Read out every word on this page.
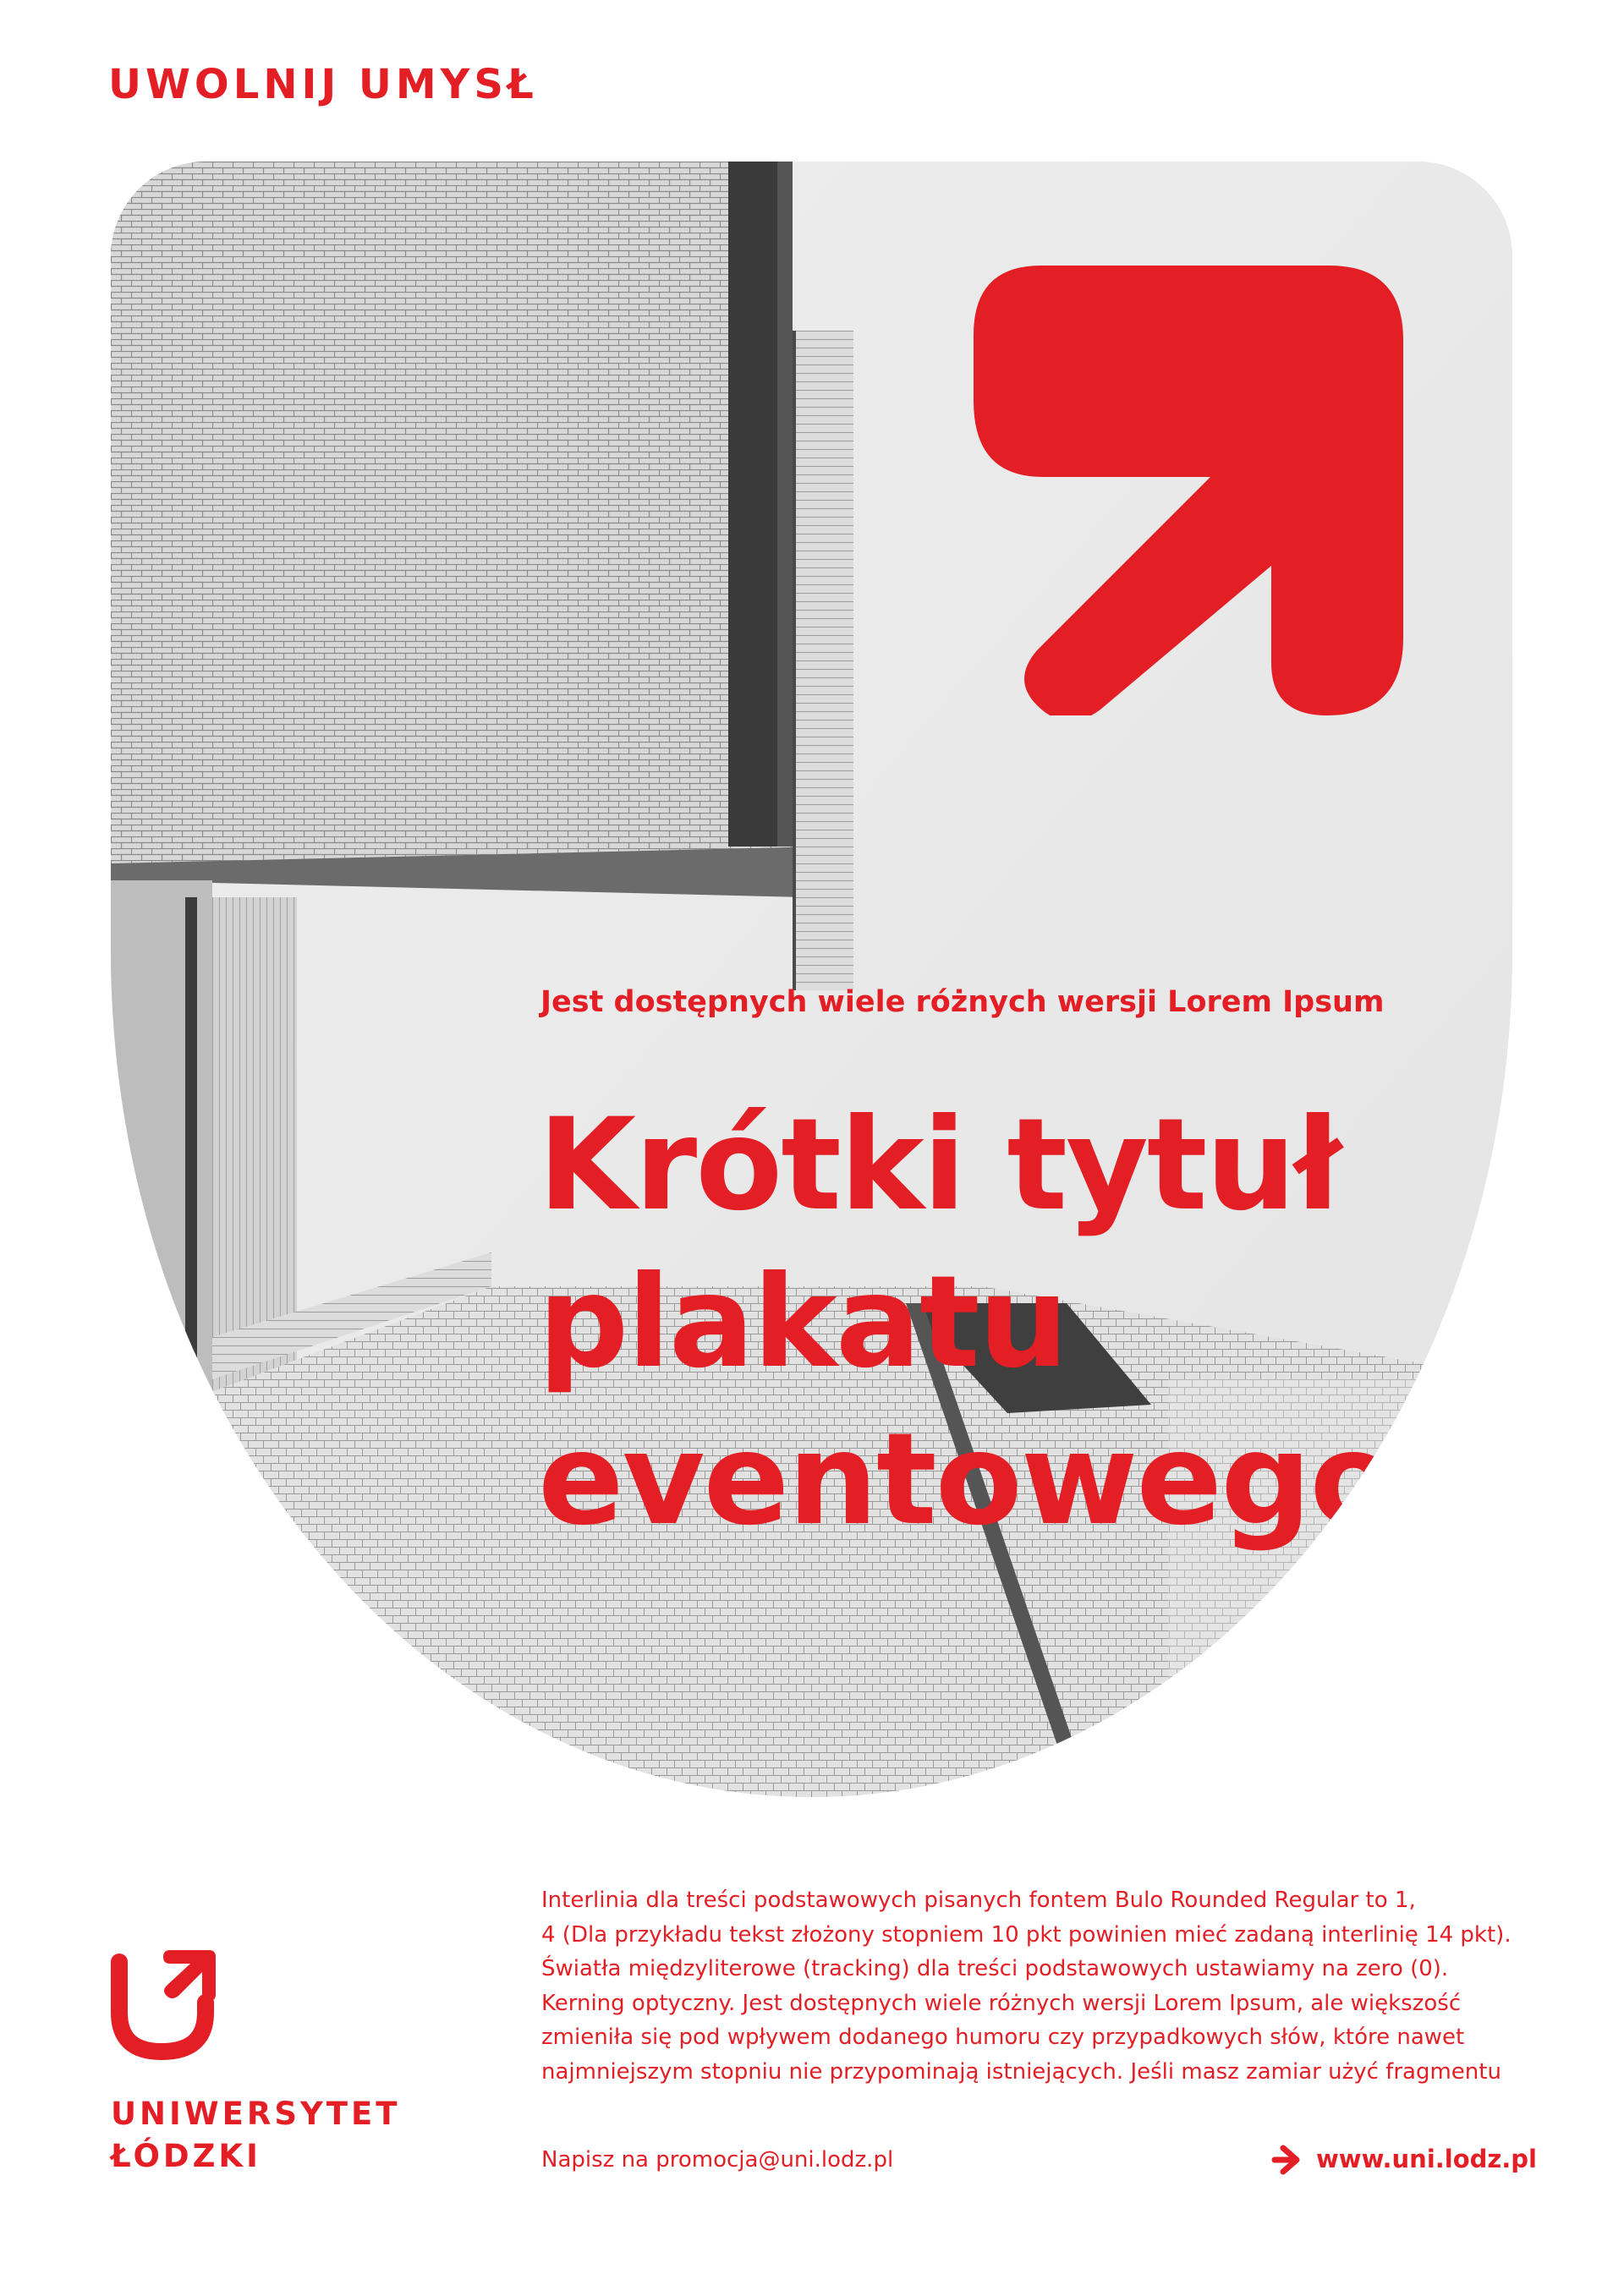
UWOLNIJ UMYSŁ
Jest dostępnych wiele różnych wersji Lorem Ipsum
Krótki tytuł
plakatu
eventowego
Interlinia dla treści podstawowych pisanych fontem Bulo Rounded Regular to 1,
4 (Dla przykładu tekst złożony stopniem 10 pkt powinien mieć zadaną interlinię 14 pkt).
Światła międzyliterowe (tracking) dla treści podstawowych ustawiamy na zero (0).
Kerning optyczny. Jest dostępnych wiele różnych wersji Lorem Ipsum, ale większość
zmieniła się pod wpływem dodanego humoru czy przypadkowych słów, które nawet
najmniejszym stopniu nie przypominają istniejących. Jeśli masz zamiar użyć fragmentu
UNIWERSYTET
ŁÓDZKI	Napisz na promocja@uni.lodz.pl	www.uni.lodz.pl
